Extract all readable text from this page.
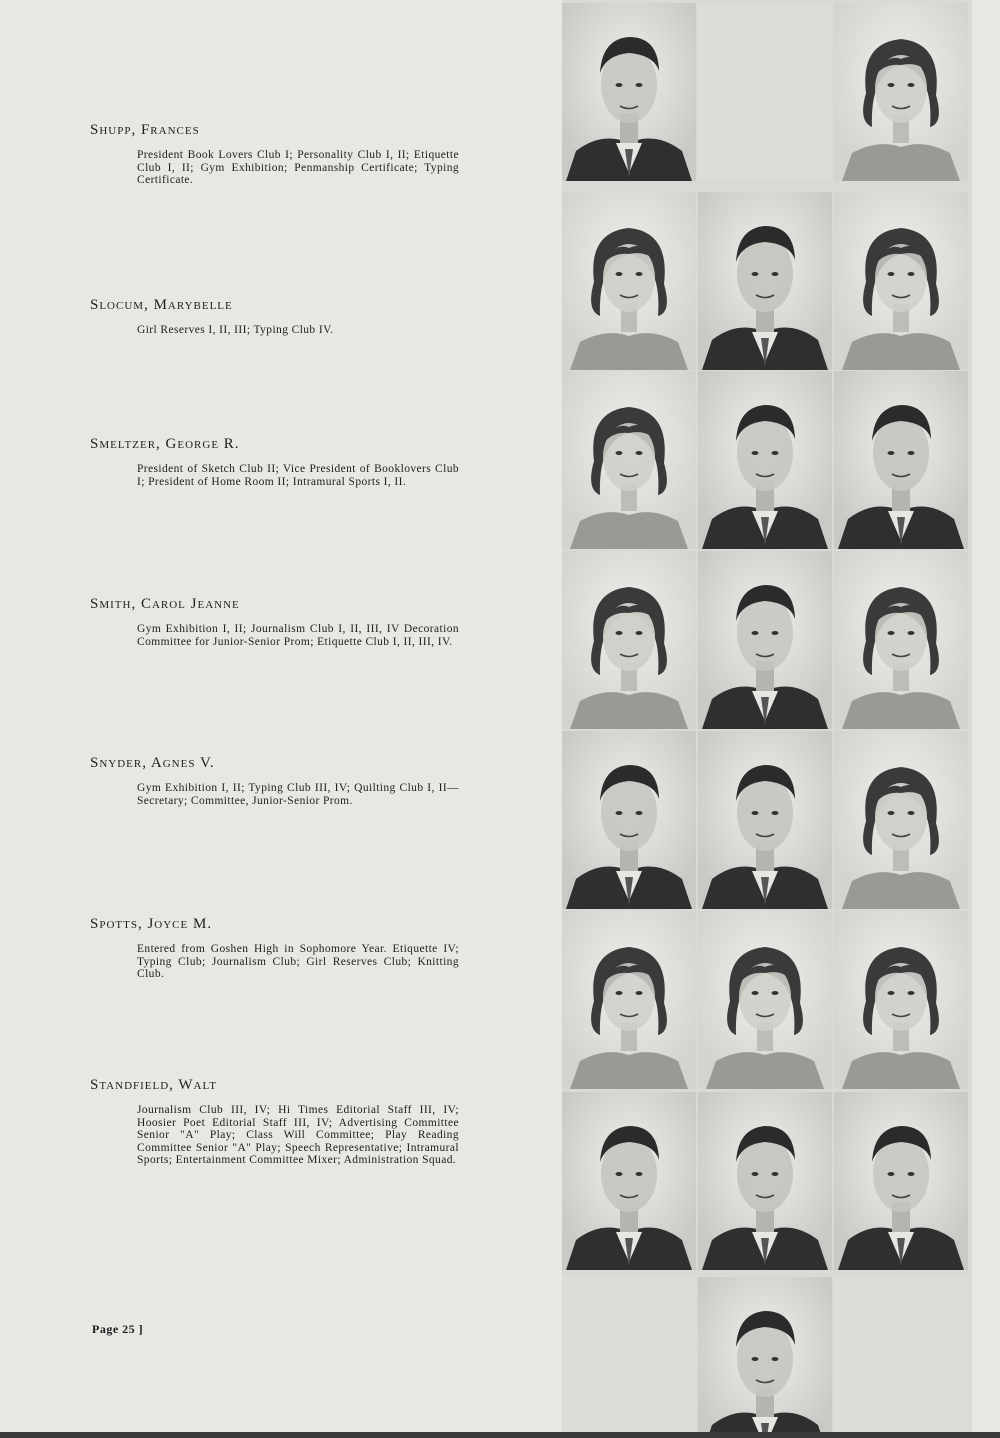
Shupp, Frances
President Book Lovers Club I; Personality Club I, II; Etiquette Club I, II; Gym Exhibition; Penmanship Certificate; Typing Certificate.
Slocum, Marybelle
Girl Reserves I, II, III; Typing Club IV.
Smeltzer, George R.
President of Sketch Club II; Vice President of Booklovers Club I; President of Home Room II; Intramural Sports I, II.
Smith, Carol Jeanne
Gym Exhibition I, II; Journalism Club I, II, III, IV Decoration Committee for Junior-Senior Prom; Etiquette Club I, II, III, IV.
Snyder, Agnes V.
Gym Exhibition I, II; Typing Club III, IV; Quilting Club I, II—Secretary; Committee, Junior-Senior Prom.
Spotts, Joyce M.
Entered from Goshen High in Sophomore Year. Etiquette IV; Typing Club; Journalism Club; Girl Reserves Club; Knitting Club.
Standfield, Walt
Journalism Club III, IV; Hi Times Editorial Staff III, IV; Hoosier Poet Editorial Staff III, IV; Advertising Committee Senior "A" Play; Class Will Committee; Play Reading Committee Senior "A" Play; Speech Representative; Intramural Sports; Entertainment Committee Mixer; Administration Squad.
Page 25 ]
